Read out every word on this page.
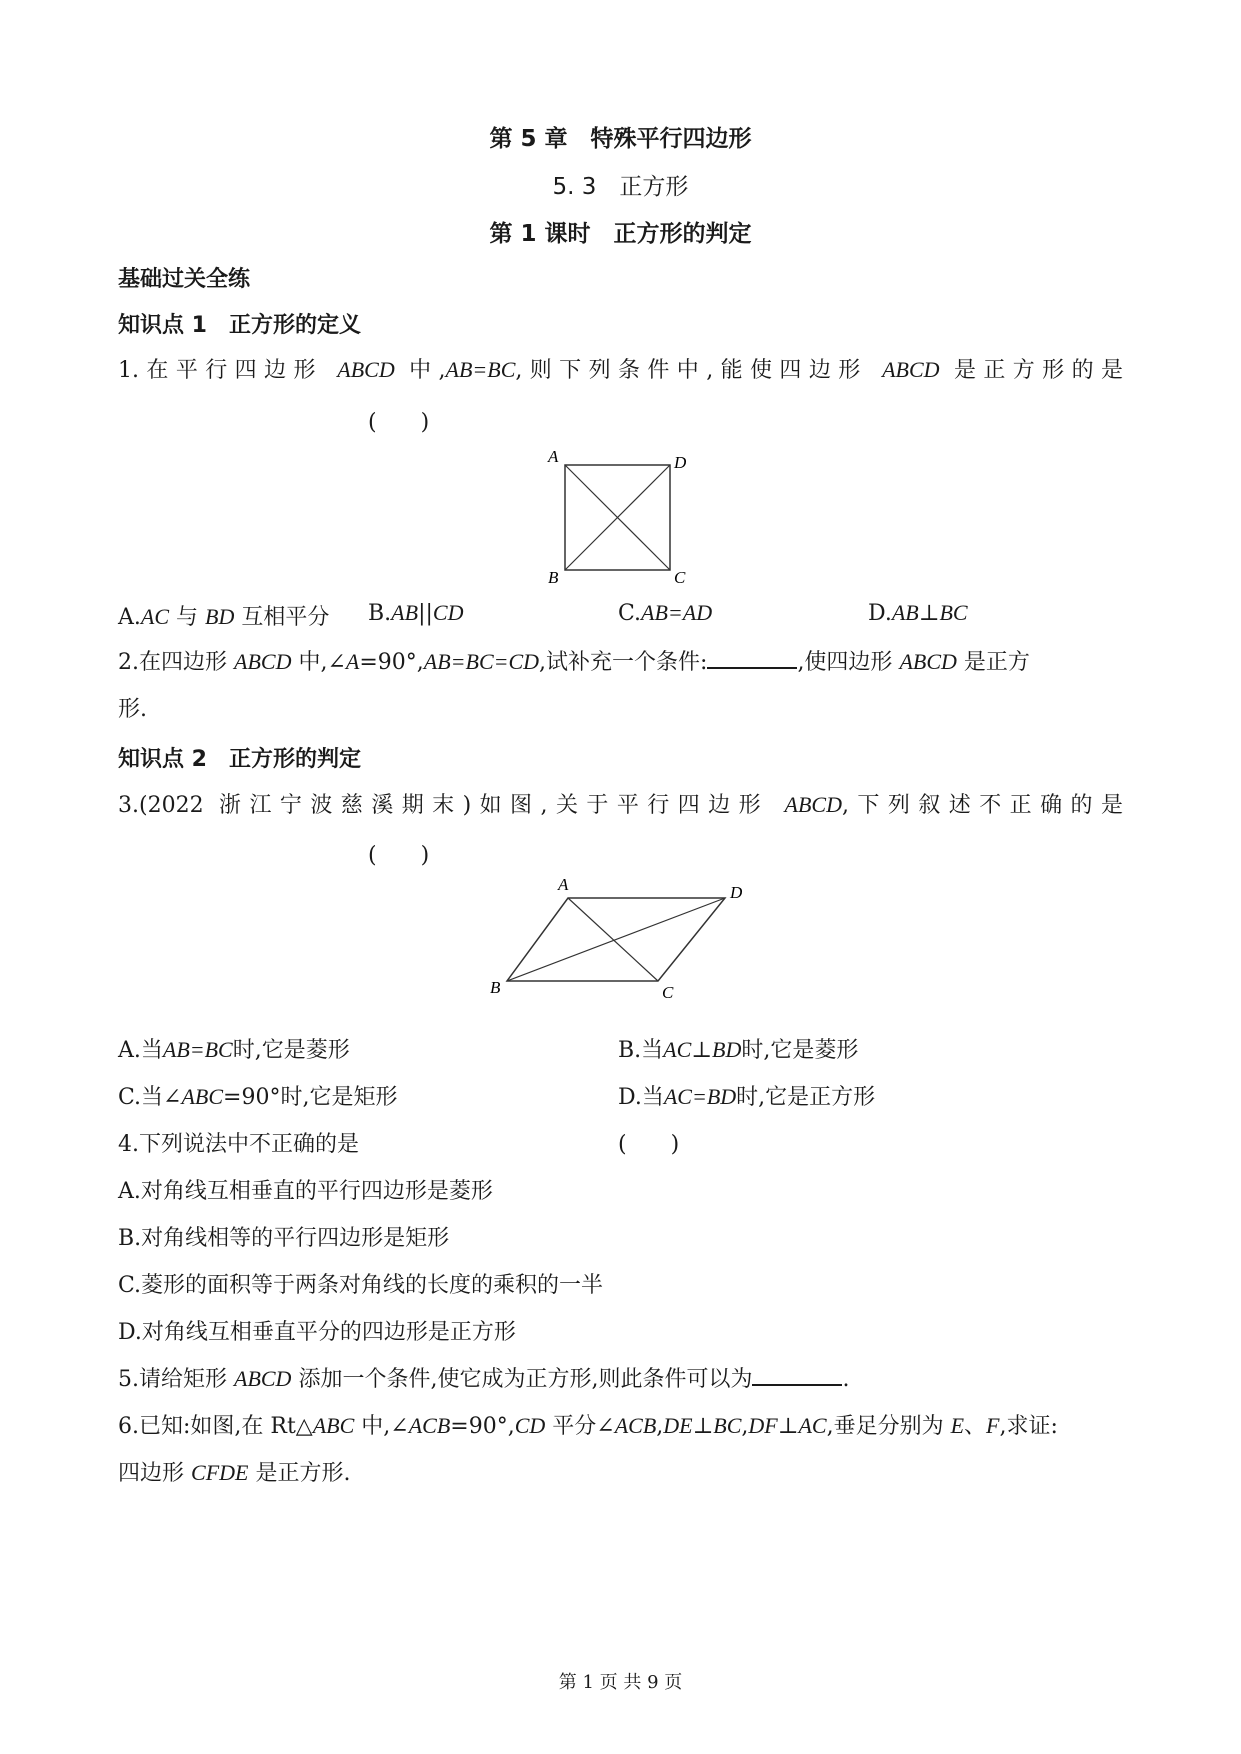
第 5 章　特殊平行四边形
5. 3　正方形
第 1 课时　正方形的判定
基础过关全练
知识点 1　正方形的定义
1.在平行四边形 ABCD 中,AB=BC,则下列条件中,能使四边形 ABCD 是正方形的是
(　　)
A	D
B	C
A.AC 与 BD 互相平分 B.AB||CD	C.AB=AD	D.AB⊥BC
2.在四边形 ABCD 中,∠A=90°,AB=BC=CD,试补充一个条件:	,使四边形 ABCD 是正方
形.
知识点 2　正方形的判定
3.(2022 浙江宁波慈溪期末)如图,关于平行四边形 ABCD,下列叙述不正确的是
(　　)
A	D
B	C
A.当AB=BC时,它是菱形	B.当AC⊥BD时,它是菱形
C.当∠ABC=90°时,它是矩形	D.当AC=BD时,它是正方形
4.下列说法中不正确的是	(　　)
A.对角线互相垂直的平行四边形是菱形
B.对角线相等的平行四边形是矩形
C.菱形的面积等于两条对角线的长度的乘积的一半
D.对角线互相垂直平分的四边形是正方形
5.请给矩形 ABCD 添加一个条件,使它成为正方形,则此条件可以为	.
6.已知:如图,在 Rt△ABC 中,∠ACB=90°,CD 平分∠ACB,DE⊥BC,DF⊥AC,垂足分别为 E、F,求证:
四边形 CFDE 是正方形.
第 1 页 共 9 页
